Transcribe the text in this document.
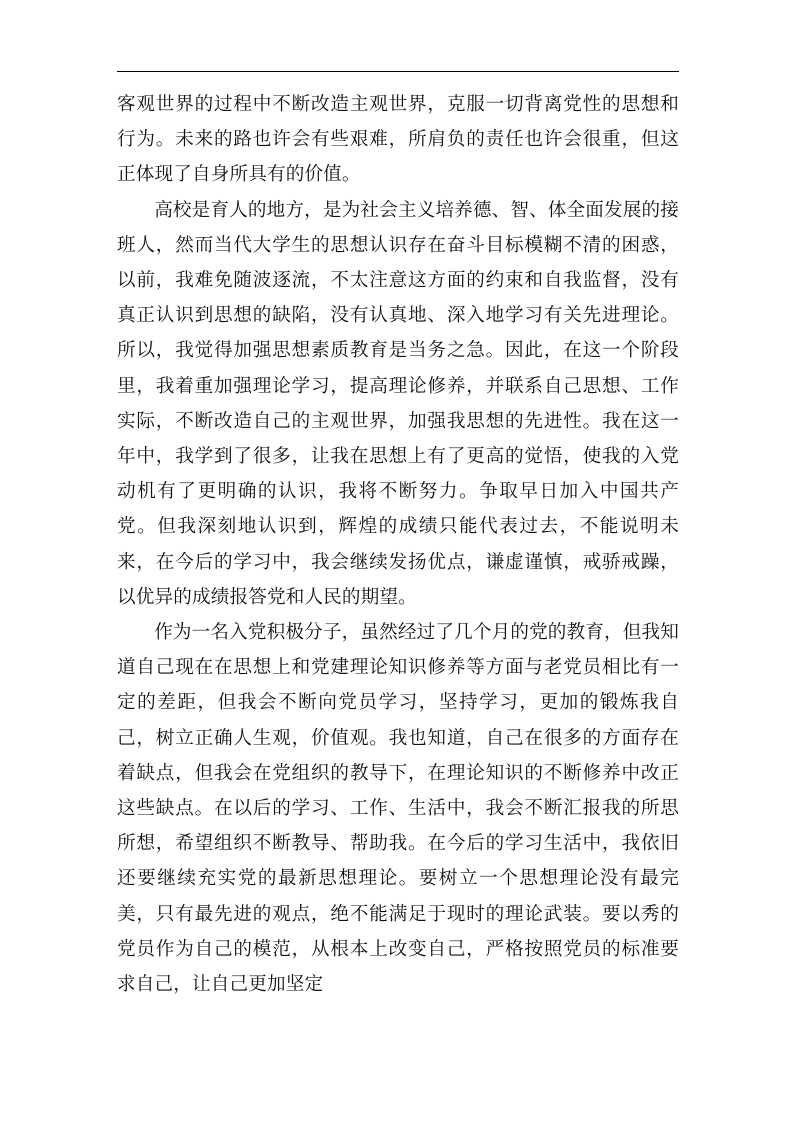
客观世界的过程中不断改造主观世界，克服一切背离党性的思想和行为。未来的路也许会有些艰难，所肩负的责任也许会很重，但这正体现了自身所具有的价值。

高校是育人的地方，是为社会主义培养德、智、体全面发展的接班人，然而当代大学生的思想认识存在奋斗目标模糊不清的困惑，以前，我难免随波逐流，不太注意这方面的约束和自我监督，没有真正认识到思想的缺陷，没有认真地、深入地学习有关先进理论。所以，我觉得加强思想素质教育是当务之急。因此，在这一个阶段里，我着重加强理论学习，提高理论修养，并联系自己思想、工作实际，不断改造自己的主观世界，加强我思想的先进性。我在这一年中，我学到了很多，让我在思想上有了更高的觉悟，使我的入党动机有了更明确的认识，我将不断努力。争取早日加入中国共产党。但我深刻地认识到，辉煌的成绩只能代表过去，不能说明未来，在今后的学习中，我会继续发扬优点，谦虚谨慎，戒骄戒躁，以优异的成绩报答党和人民的期望。

作为一名入党积极分子，虽然经过了几个月的党的教育，但我知道自己现在在思想上和党建理论知识修养等方面与老党员相比有一定的差距，但我会不断向党员学习，坚持学习，更加的锻炼我自己，树立正确人生观，价值观。我也知道，自己在很多的方面存在着缺点，但我会在党组织的教导下，在理论知识的不断修养中改正这些缺点。在以后的学习、工作、生活中，我会不断汇报我的所思所想，希望组织不断教导、帮助我。在今后的学习生活中，我依旧还要继续充实党的最新思想理论。要树立一个思想理论没有最完美，只有最先进的观点，绝不能满足于现时的理论武装。要以秀的党员作为自己的模范，从根本上改变自己，严格按照党员的标准要求自己，让自己更加坚定
